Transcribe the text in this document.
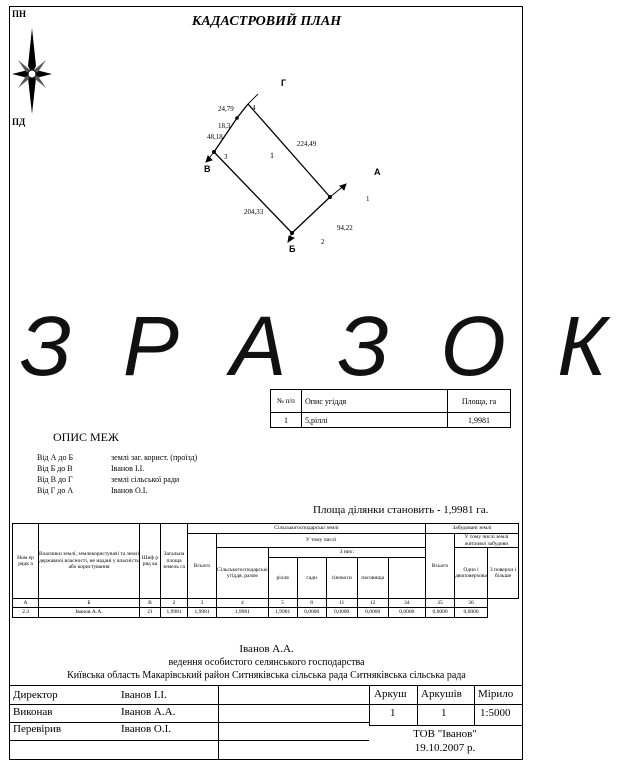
КАДАСТРОВИЙ ПЛАН
ПН
ПД
Г
А
Б
В
1
1
2
3
4
24,79
18,3
48,18
224,49
204,33
94,22
З Р А З О К
№ п/п	Опис угіддя	Площа, га
1	5,ріллі	1,9981
ОПИС МЕЖ
Від А до Б	землі заг. корист. (проїзд)
Від Б до В	Іванов І.І.
Від В до Г	землі сільської ради
Від Г до А	Іванов О.І.
Площа ділянки становить - 1,9981 га.
Ном ер рядк а	Власники землі, землекористувачі та землі державної власності, не надані у власність або користування	Шиф р ряд ка	Загальна площа земель га	Сільськогосподарські землі							Забудовані землі		
				Всього	У тому числі						Всього	У тому числі землі житлової забудови	
					Сільськогосподарські угіддя, разом	З них:						Одно і двоповерхова	3 поверхи і більше
						рілля	сади	сінокоси	пасовища				
А	Б	В	2	3	4	5	8	11	12	34	35	36	
2.3	Іванов А.А.	21	1,9981	1,9981	1,9981	1,9981	0,0000	0,0000	0,0000	0,0000	0,0000	0,0000	
Іванов А.А.
ведення особистого селянського господарства
Київська область Макарівський район Ситняківська сільська рада Ситняківська сільська рада
Директор	Іванов І.І.	
Виконав	Іванов А.А.	
Перевірив	Іванов О.І.	
Аркуш Аркушів Мірило
1	1	1:5000
ТОВ "Іванов"
19.10.2007 р.
